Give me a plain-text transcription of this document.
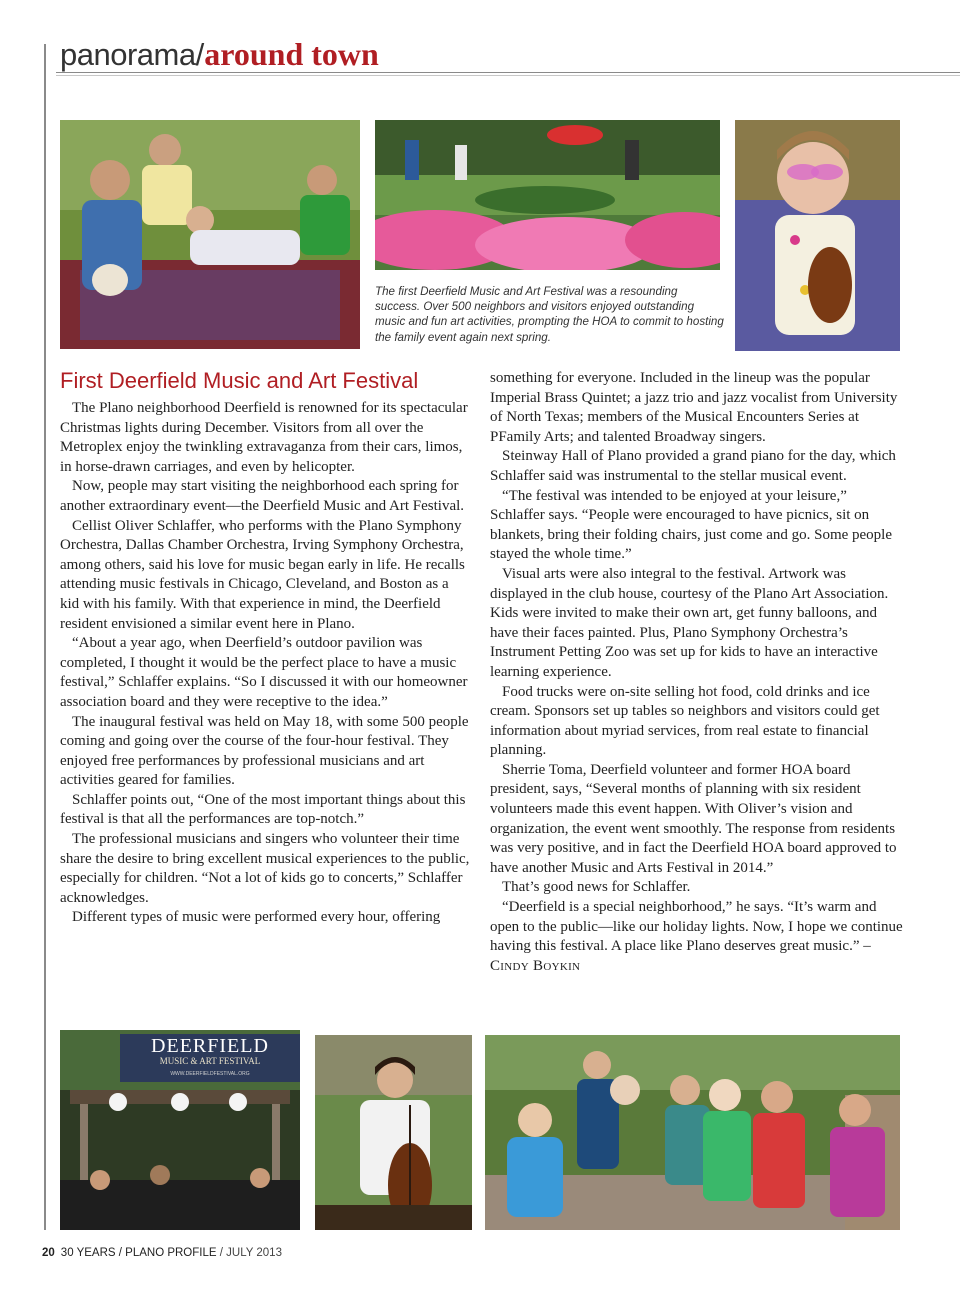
panorama/around town
The first Deerfield Music and Art Festival was a resounding success. Over 500 neighbors and visitors enjoyed outstanding music and fun art activities, prompting the HOA to commit to hosting the family event again next spring.
First Deerfield Music and Art Festival

The Plano neighborhood Deerfield is renowned for its spectacular Christmas lights during December. Visitors from all over the Metroplex enjoy the twinkling extravaganza from their cars, limos, in horse-drawn carriages, and even by helicopter.

Now, people may start visiting the neighborhood each spring for another extraordinary event—the Deerfield Music and Art Festival.

Cellist Oliver Schlaffer, who performs with the Plano Symphony Orchestra, Dallas Chamber Orchestra, Irving Symphony Orchestra, among others, said his love for music began early in life. He recalls attending music festivals in Chicago, Cleveland, and Boston as a kid with his family. With that experience in mind, the Deerfield resident envisioned a similar event here in Plano.

“About a year ago, when Deerfield’s outdoor pavilion was completed, I thought it would be the perfect place to have a music festival,” Schlaffer explains. “So I discussed it with our homeowner association board and they were receptive to the idea.”

The inaugural festival was held on May 18, with some 500 people coming and going over the course of the four-hour festival. They enjoyed free performances by professional musicians and art activities geared for families.

Schlaffer points out, “One of the most important things about this festival is that all the performances are top-notch.”

The professional musicians and singers who volunteer their time share the desire to bring excellent musical experiences to the public, especially for children. “Not a lot of kids go to concerts,” Schlaffer acknowledges.

Different types of music were performed every hour, offering

something for everyone. Included in the lineup was the popular Imperial Brass Quintet; a jazz trio and jazz vocalist from University of North Texas; members of the Musical Encounters Series at PFamily Arts; and talented Broadway singers.

Steinway Hall of Plano provided a grand piano for the day, which Schlaffer said was instrumental to the stellar musical event.

“The festival was intended to be enjoyed at your leisure,” Schlaffer says. “People were encouraged to have picnics, sit on blankets, bring their folding chairs, just come and go. Some people stayed the whole time.”

Visual arts were also integral to the festival. Artwork was displayed in the club house, courtesy of the Plano Art Association. Kids were invited to make their own art, get funny balloons, and have their faces painted. Plus, Plano Symphony Orchestra’s Instrument Petting Zoo was set up for kids to have an interactive learning experience.

Food trucks were on-site selling hot food, cold drinks and ice cream. Sponsors set up tables so neighbors and visitors could get information about myriad services, from real estate to financial planning.

Sherrie Toma, Deerfield volunteer and former HOA board president, says, “Several months of planning with six resident volunteers made this event happen. With Oliver’s vision and organization, the event went smoothly. The response from residents was very positive, and in fact the Deerfield HOA board approved to have another Music and Arts Festival in 2014.”

That’s good news for Schlaffer.

“Deerfield is a special neighborhood,” he says. “It’s warm and open to the public—like our holiday lights. Now, I hope we continue having this festival. A place like Plano deserves great music.” – Cindy Boykin

DEERFIELD
MUSIC & ART FESTIVAL
WWW.DEERFIELDFESTIVAL.ORG
20 30 YEARS / PLANO PROFILE / JULY 2013
